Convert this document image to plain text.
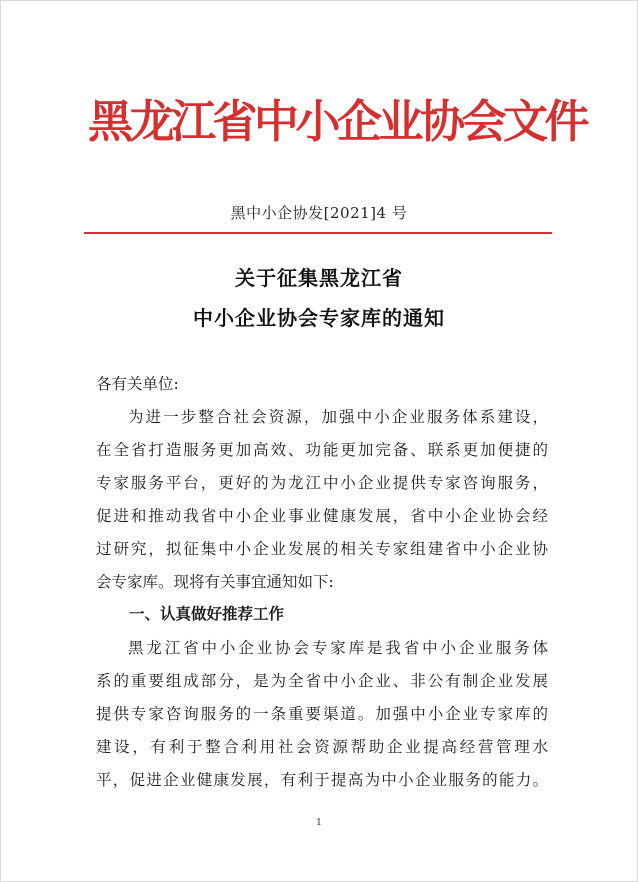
黑龙江省中小企业协会文件
黑中小企协发[2021]4 号
关于征集黑龙江省
中小企业协会专家库的通知
各有关单位:
为进一步整合社会资源，加强中小企业服务体系建设，
在全省打造服务更加高效、功能更加完备、联系更加便捷的
专家服务平台，更好的为龙江中小企业提供专家咨询服务，
促进和推动我省中小企业事业健康发展，省中小企业协会经
过研究，拟征集中小企业发展的相关专家组建省中小企业协
会专家库。现将有关事宜通知如下:
一、认真做好推荐工作
黑龙江省中小企业协会专家库是我省中小企业服务体
系的重要组成部分，是为全省中小企业、非公有制企业发展
提供专家咨询服务的一条重要渠道。加强中小企业专家库的
建设，有利于整合利用社会资源帮助企业提高经营管理水
平，促进企业健康发展，有利于提高为中小企业服务的能力。
1
